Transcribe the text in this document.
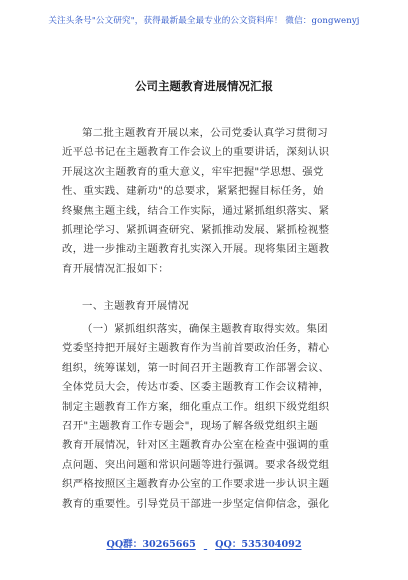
关注头条号"公文研究"，获得最新最全最专业的公文资料库！ 微信：gongwenyj
公司主题教育进展情况汇报
第二批主题教育开展以来，公司党委认真学习贯彻习
近平总书记在主题教育工作会议上的重要讲话，深刻认识
开展这次主题教育的重大意义，牢牢把握"学思想、强党
性、重实践、建新功"的总要求，紧紧把握目标任务，始
终聚焦主题主线，结合工作实际，通过紧抓组织落实、紧
抓理论学习、紧抓调查研究、紧抓推动发展、紧抓检视整
改，进一步推动主题教育扎实深入开展。现将集团主题教
育开展情况汇报如下：
一、主题教育开展情况
（一）紧抓组织落实，确保主题教育取得实效。集团
党委坚持把开展好主题教育作为当前首要政治任务，精心
组织，统筹谋划，第一时间召开主题教育工作部署会议、
全体党员大会，传达市委、区委主题教育工作会议精神，
制定主题教育工作方案，细化重点工作。组织下级党组织
召开"主题教育工作专题会"，现场了解各级党组织主题
教育开展情况，针对区主题教育办公室在检查中强调的重
点问题、突出问题和常识问题等进行强调。要求各级党组
织严格按照区主题教育办公室的工作要求进一步认识主题
教育的重要性。引导党员干部进一步坚定信仰信念，强化
QQ群：30265665 QQ：535304092
